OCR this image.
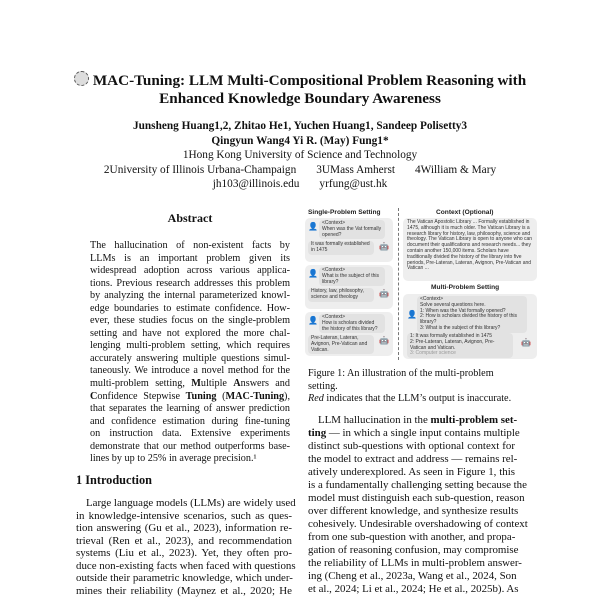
MAC-Tuning: LLM Multi-Compositional Problem Reasoning with
Enhanced Knowledge Boundary Awareness
Junsheng Huang1,2, Zhitao He1, Yuchen Huang1, Sandeep Polisetty3
Qingyun Wang4 Yi R. (May) Fung1*
1Hong Kong University of Science and Technology
2University of Illinois Urbana-Champaign 3UMass Amherst 4William & Mary
jh103@illinois.edu yrfung@ust.hk
Abstract
The hallucination of non-existent facts by
LLMs is an important problem given its
widespread adoption across various applica-
tions. Previous research addresses this problem
by analyzing the internal parameterized knowl-
edge boundaries to estimate confidence. How-
ever, these studies focus on the single-problem
setting and have not explored the more chal-
lenging multi-problem setting, which requires
accurately answering multiple questions simul-
taneously. We introduce a novel method for the
multi-problem setting, Multiple Answers and
Confidence Stepwise Tuning (MAC-Tuning),
that separates the learning of answer prediction
and confidence estimation during fine-tuning
on instruction data. Extensive experiments
demonstrate that our method outperforms base-
lines by up to 25% in average precision.¹
1 Introduction
Large language models (LLMs) are widely used
in knowledge-intensive scenarios, such as ques-
tion answering (Gu et al., 2023), information re-
trieval (Ren et al., 2023), and recommendation
systems (Liu et al., 2023). Yet, they often pro-
duce non-existing facts when faced with questions
outside their parametric knowledge, which under-
mines their reliability (Maynez et al., 2020; He
Single-Problem Setting
👤 <Context>
When was the Vat formally opened?
It was formally established in 1475	🤖
👤 <Context>
What is the subject of this library?
History, law, philosophy, science and theology	🤖
👤 <Context>
How is scholars divided the history of this library?
Pre-Lateran, Lateran, Avignon, Pre-Vatican and Vatican.
🤖
Context (Optional)
The Vatican Apostolic Library ... Formally established in 1475, although it is much older. The Vatican Library is a research library for history, law, philosophy, science and theology. The Vatican Library is open to anyone who can document their qualifications and research needs... they contain another 150,000 items. Scholars have traditionally divided the history of the library into five periods, Pre-Lateran, Lateran, Avignon, Pre-Vatican and Vatican ...
Multi-Problem Setting
👤
<Context>
Solve several questions here.
1: When was the Vat formally opened?
2: How is scholars divided the history of this library?
3: What is the subject of this library?
1: It was formally established in 1475
2: Pre-Lateran, Lateran, Avignon, Pre-Vatican and Vatican.
3: Computer science
🤖
Figure 1: An illustration of the multi-problem setting.
Red indicates that the LLM’s output is inaccurate.
LLM hallucination in the multi-problem set-
ting — in which a single input contains multiple
distinct sub-questions with optional context for
the model to extract and address — remains rel-
atively underexplored. As seen in Figure 1, this
is a fundamentally challenging setting because the
model must distinguish each sub-question, reason
over different knowledge, and synthesize results
cohesively. Undesirable overshadowing of context
from one sub-question with another, and propa-
gation of reasoning confusion, may compromise
the reliability of LLMs in multi-problem answer-
ing (Cheng et al., 2023a, Wang et al., 2024, Son
et al., 2024; Li et al., 2024; He et al., 2025b). As
